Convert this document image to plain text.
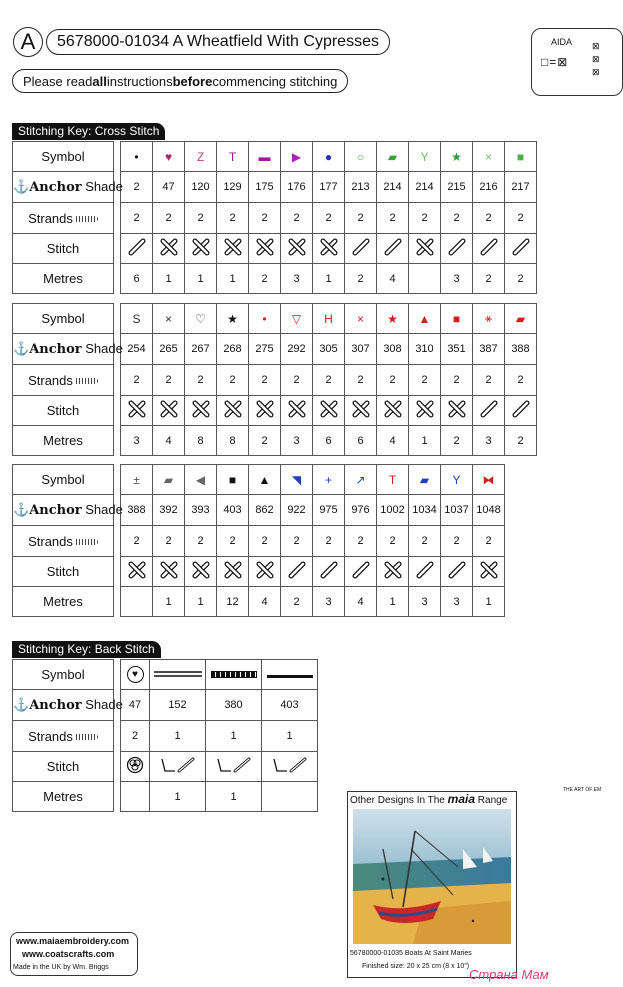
A	5678000-01034 A Wheatfield With Cypresses
Please read all instructions before commencing stitching
AIDA
□=⊠
⊠
⊠
⊠
Stitching Key: Cross Stitch
Symbol		•	♥	Z	T	▬	▶	●	○	▰	Y	★	×	■
⚓Anchor Shade		2	47	120	129	175	176	177	213	214	214	215	216	217
Strands		2	2	2	2	2	2	2	2	2	2	2	2	2
Stitch														
Metres		6	1	1	1	2	3	1	2	4		3	2	2
Symbol		S	×	♡	★	•	▽	H	×	★	▲	■	⚹	▰
⚓Anchor Shade		254	265	267	268	275	292	305	307	308	310	351	387	388
Strands		2	2	2	2	2	2	2	2	2	2	2	2	2
Stitch														
Metres		3	4	8	8	2	3	6	6	4	1	2	3	2
Symbol		±	▰	◀	■	▲	◥	+	↗	T	▰	Y	⧓
⚓Anchor Shade		388	392	393	403	862	922	975	976	1002	1034	1037	1048
Strands		2	2	2	2	2	2	2	2	2	2	2	2
Stitch													
Metres			1	1	12	4	2	3	4	1	3	3	1
Stitching Key: Back Stitch
Symbol		♥			
⚓Anchor Shade		47	152	380	403
Strands		2	1	1	1
Stitch					
Metres			1	1	
THE ART OF EM
Other Designs In The maia Range
56780000-01035 Boats At Saint Maries
Finished size: 20 x 25 cm (8 x 10")
www.maiaembroidery.com
www.coatscrafts.com
Made in the UK by Wm. Briggs	Страна Мам
